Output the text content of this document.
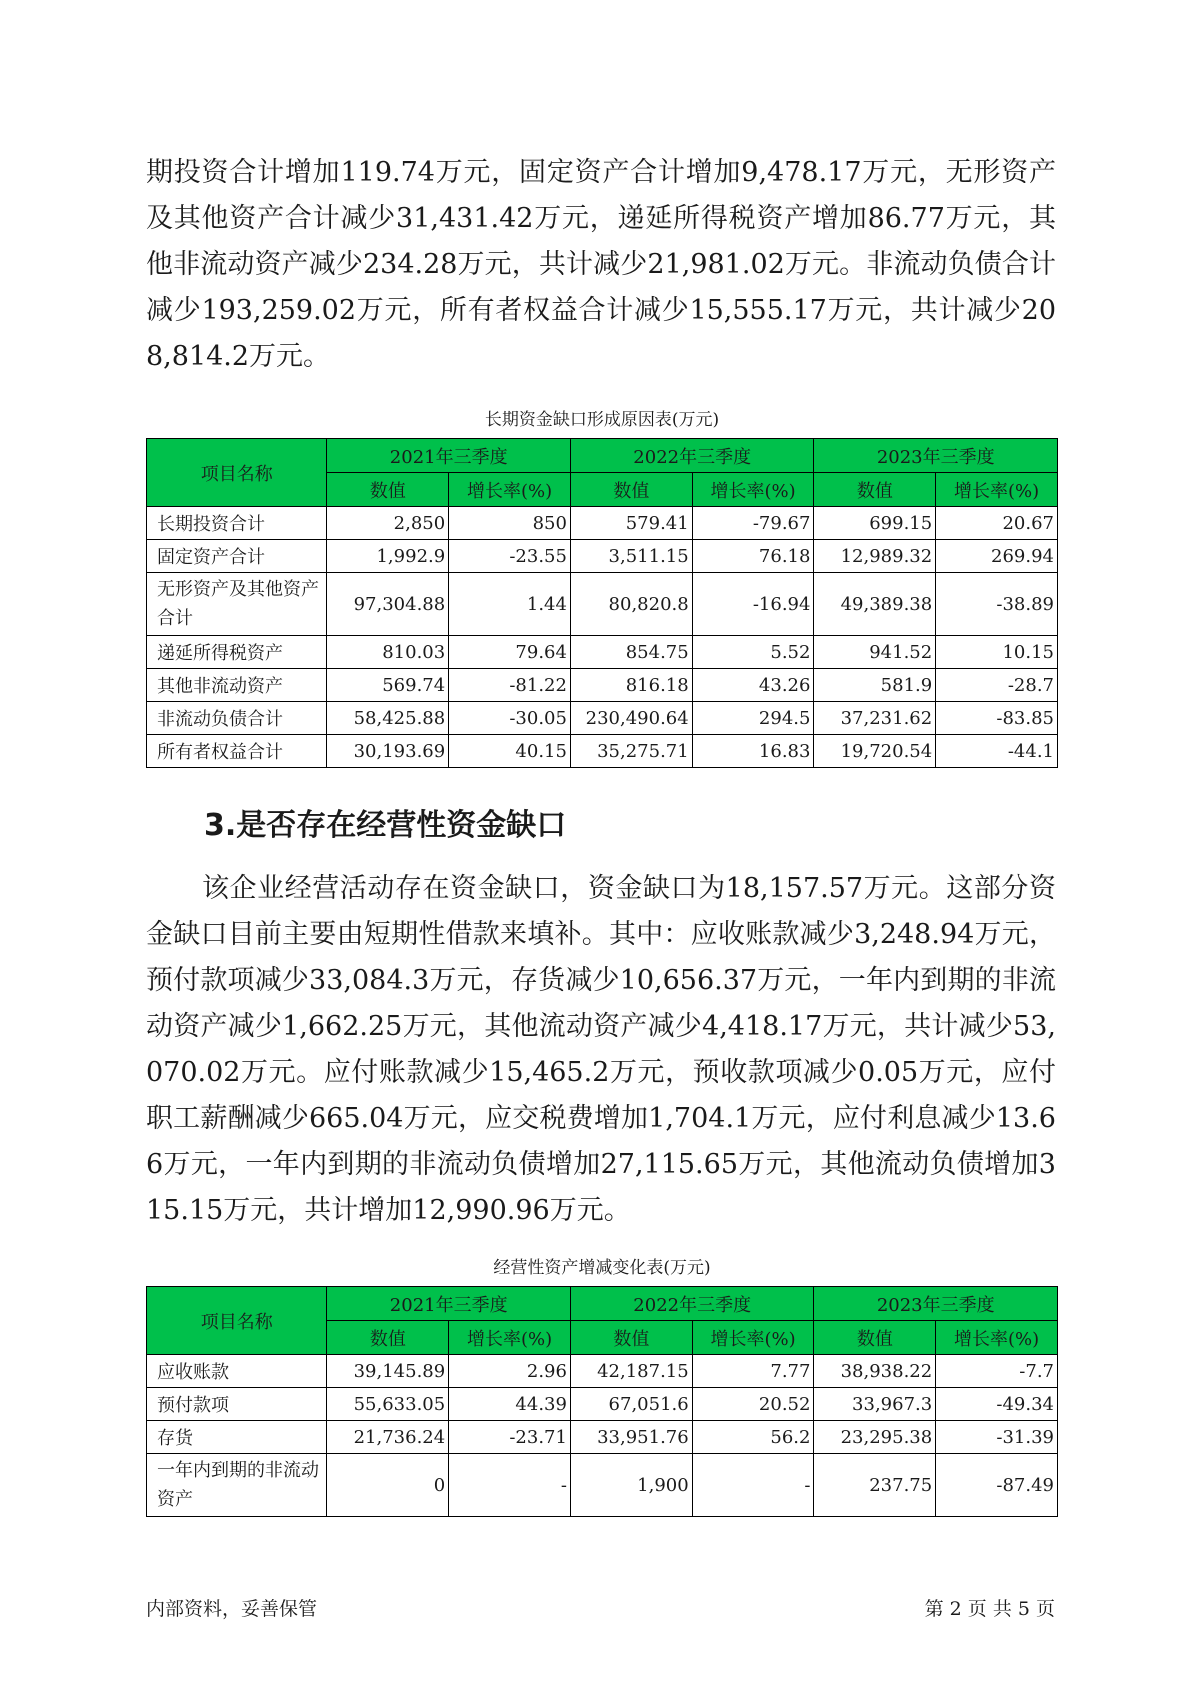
期投资合计增加119.74万元，固定资产合计增加9,478.17万元，无形资产及其他资产合计减少31,431.42万元，递延所得税资产增加86.77万元，其他非流动资产减少234.28万元，共计减少21,981.02万元。非流动负债合计减少193,259.02万元，所有者权益合计减少15,555.17万元，共计减少208,814.2万元。

长期资金缺口形成原因表(万元)
项目名称	2021年三季度		2022年三季度		2023年三季度	
	数值	增长率(%)	数值	增长率(%)	数值	增长率(%)
长期投资合计	2,850	850	579.41	-79.67	699.15	20.67
固定资产合计	1,992.9	-23.55	3,511.15	76.18	12,989.32	269.94
无形资产及其他资产合计	97,304.88	1.44	80,820.8	-16.94	49,389.38	-38.89
递延所得税资产	810.03	79.64	854.75	5.52	941.52	10.15
其他非流动资产	569.74	-81.22	816.18	43.26	581.9	-28.7
非流动负债合计	58,425.88	-30.05	230,490.64	294.5	37,231.62	-83.85
所有者权益合计	30,193.69	40.15	35,275.71	16.83	19,720.54	-44.1
3.是否存在经营性资金缺口

该企业经营活动存在资金缺口，资金缺口为18,157.57万元。这部分资金缺口目前主要由短期性借款来填补。其中：应收账款减少3,248.94万元，预付款项减少33,084.3万元，存货减少10,656.37万元，一年内到期的非流动资产减少1,662.25万元，其他流动资产减少4,418.17万元，共计减少53,070.02万元。应付账款减少15,465.2万元，预收款项减少0.05万元，应付职工薪酬减少665.04万元，应交税费增加1,704.1万元，应付利息减少13.66万元，一年内到期的非流动负债增加27,115.65万元，其他流动负债增加315.15万元，共计增加12,990.96万元。

经营性资产增减变化表(万元)
项目名称	2021年三季度		2022年三季度		2023年三季度	
	数值	增长率(%)	数值	增长率(%)	数值	增长率(%)
应收账款	39,145.89	2.96	42,187.15	7.77	38,938.22	-7.7
预付款项	55,633.05	44.39	67,051.6	20.52	33,967.3	-49.34
存货	21,736.24	-23.71	33,951.76	56.2	23,295.38	-31.39
一年内到期的非流动资产	0	-	1,900	-	237.75	-87.49
内部资料，妥善保管	第 2 页 共 5 页
